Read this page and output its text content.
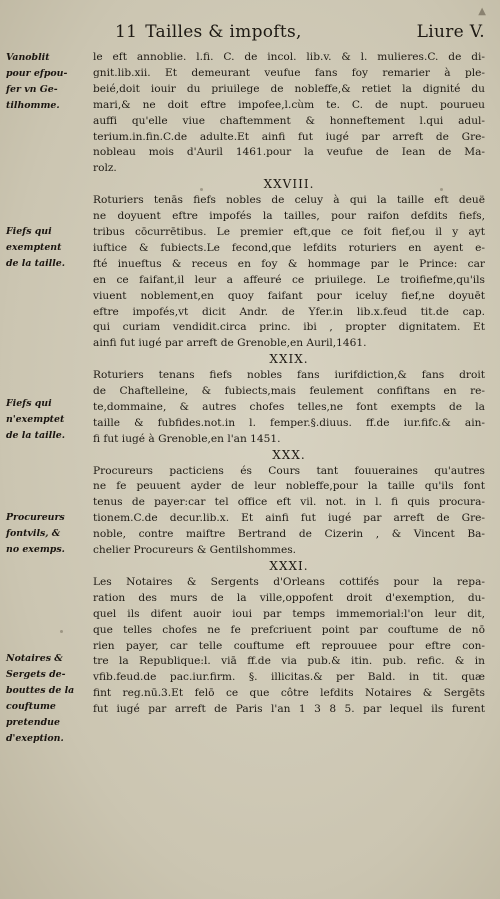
▲
11 Tailles & impofts,	Liure V.
Vanoblit
pour efpou-
fer vn Ge-
tilhomme.
Fiefs qui
exemptent
de la taille.
Fiefs qui
n'exemptet
de la taille.
Procureurs
fontvils, &
no exemps.
Notaires &
Sergets de-
bouttes de la
couftume
pretendue
d'exeption.
le eft annoblie. l.fi. C. de incol. lib.v. & l. mulieres.C. de di-
gnit.lib.xii. Et demeurant veufue fans foy remarier à ple-
beié,doit iouir du priuilege de nobleffe,& retiet la dignité du
mari,& ne doit eftre impofee,l.cùm te. C. de nupt. pourueu
auffi qu'elle viue chaftemment & honneftement l.qui adul-
terium.in.fin.C.de adulte.Et ainfi fut iugé par arreft de Gre-
nobleau mois d'Auril 1461.pour la veufue de Iean de Ma-
rolz.
XXVIII.
Roturiers tenās fiefs nobles de celuy à qui la taille eft deuë
ne doyuent eftre impofés la tailles, pour raifon defdits fiefs,
tribus cōcurrētibus. Le premier eft,que ce foit fief,ou il y ayt
iuftice & fubiects.Le fecond,que lefdits roturiers en ayent e-
fté inueftus & receus en foy & hommage par le Prince: car
en ce faifant,il leur a affeuré ce priuilege. Le troifiefme,qu'ils
viuent noblement,en quoy faifant pour iceluy fief,ne doyuēt
eftre impofés,vt dicit Andr. de Yfer.in lib.x.feud tit.de cap.
qui curiam vendidit.circa princ. ibi , propter dignitatem. Et
ainfi fut iugé par arreft de Grenoble,en Auril,1461.
XXIX.
Roturiers tenans fiefs nobles fans iurifdiction,& fans droit
de Chaftelleine, & fubiects,mais feulement confiftans en re-
te,dommaine, & autres chofes telles,ne font exempts de la
taille & fubfides.not.in l. femper.§.diuus. ff.de iur.fifc.& ain-
fi fut iugé à Grenoble,en l'an 1451.
XXX.
Procureurs pacticiens és Cours tant fouueraines qu'autres
ne fe peuuent ayder de leur nobleffe,pour la taille qu'ils font
tenus de payer:car tel office eft vil. not. in l. fi quis procura-
tionem.C.de decur.lib.x. Et ainfi fut iugé par arreft de Gre-
noble, contre maiftre Bertrand de Cizerin , & Vincent Ba-
chelier Procureurs & Gentilshommes.
XXXI.
Les Notaires & Sergents d'Orleans cottifés pour la repa-
ration des murs de la ville,oppofent droit d'exemption, du-
quel ils difent auoir ioui par temps immemorial:l'on leur dit,
que telles chofes ne fe prefcriuent point par couftume de nō
rien payer, car telle couftume eft reprouuee pour eftre con-
tre la Republique:l. viā ff.de via pub.& itin. pub. refic. & in
vfib.feud.de pac.iur.firm. §. illicitas.& per Bald. in tit. quæ
fint reg.nū.3.Et felō ce que côtre lefdits Notaires & Sergēts
fut iugé par arreft de Paris l'an 1 3 8 5. par lequel ils furent
